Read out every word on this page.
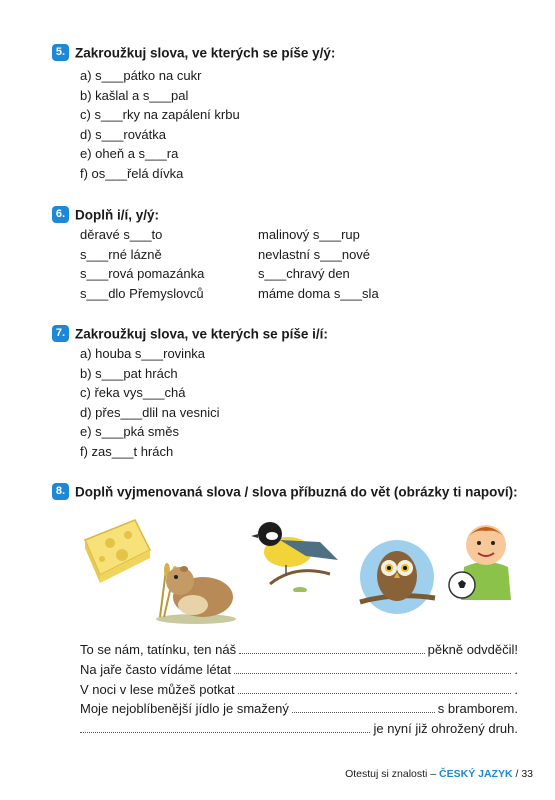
5. Zakroužkuj slova, ve kterých se píše y/ý:
a) s___pátko na cukr
b) kašlal a s___pal
c) s___rky na zapálení krbu
d) s___rovátka
e) oheň a s___ra
f) os___řelá dívka
6. Doplň i/í, y/ý:
děravé s___to	malinový s___rup
s___rné lázně	nevlastní s___nové
s___rová pomazánka	s___chravý den
s___dlo Přemyslovců	máme doma s___sla
7. Zakroužkuj slova, ve kterých se píše i/í:
a) houba s___rovinka
b) s___pat hrách
c) řeka vys___chá
d) přes___dlil na vesnici
e) s___pká směs
f) zas___t hrách
8. Doplň vyjmenovaná slova / slova příbuzná do vět (obrázky ti napoví):
To se nám, tatínku, ten náš	pěkně odvděčil!
Na jaře často vídáme létat	.
V noci v lese můžeš potkat	.
Moje nejoblíbenější jídlo je smažený	s bramborem.
je nyní již ohrožený druh.
Otestuj si znalosti – ČESKÝ JAZYK / 33
